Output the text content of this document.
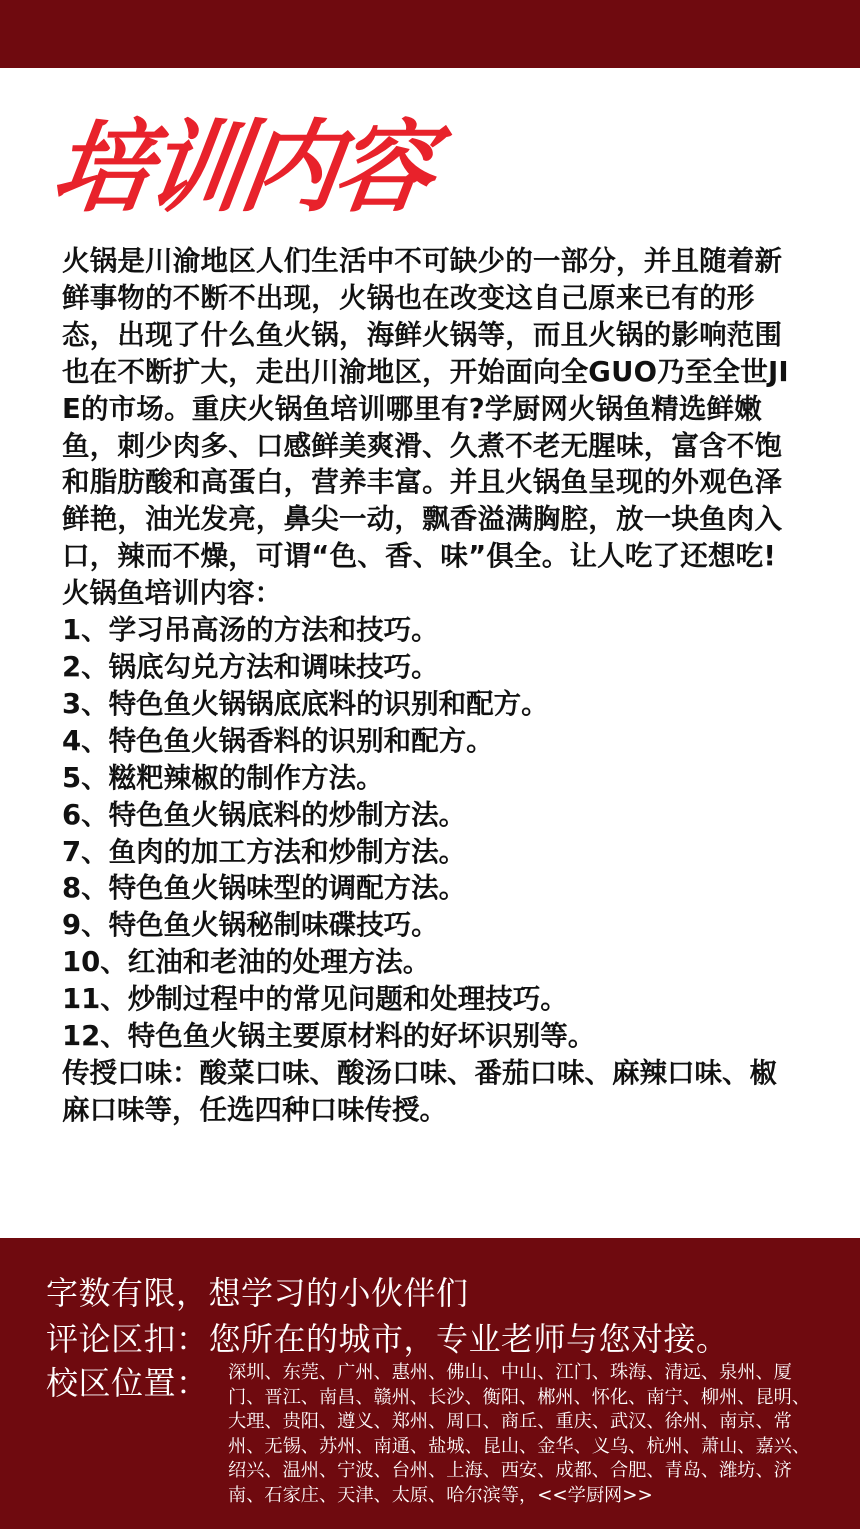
培训内容

火锅是川渝地区人们生活中不可缺少的一部分，并且随着新鲜事物的不断不出现，火锅也在改变这自己原来已有的形态，出现了什么鱼火锅，海鲜火锅等，而且火锅的影响范围也在不断扩大，走出川渝地区，开始面向全GUO乃至全世JIE的市场。重庆火锅鱼培训哪里有?学厨网火锅鱼精选鲜嫩鱼，刺少肉多、口感鲜美爽滑、久煮不老无腥味，富含不饱和脂肪酸和高蛋白，营养丰富。并且火锅鱼呈现的外观色泽鲜艳，油光发亮，鼻尖一动，飘香溢满胸腔，放一块鱼肉入口，辣而不燥，可谓“色、香、味”俱全。让人吃了还想吃!

火锅鱼培训内容：

1、学习吊高汤的方法和技巧。

2、锅底勾兑方法和调味技巧。

3、特色鱼火锅锅底底料的识别和配方。

4、特色鱼火锅香料的识别和配方。

5、糍粑辣椒的制作方法。

6、特色鱼火锅底料的炒制方法。

7、鱼肉的加工方法和炒制方法。

8、特色鱼火锅味型的调配方法。

9、特色鱼火锅秘制味碟技巧。

10、红油和老油的处理方法。

11、炒制过程中的常见问题和处理技巧。

12、特色鱼火锅主要原材料的好坏识别等。

传授口味：酸菜口味、酸汤口味、番茄口味、麻辣口味、椒麻口味等，任选四种口味传授。

字数有限，想学习的小伙伴们
评论区扣：您所在的城市，专业老师与您对接。
校区位置： 深圳、东莞、广州、惠州、佛山、中山、江门、珠海、清远、泉州、厦门、晋江、南昌、赣州、长沙、衡阳、郴州、怀化、南宁、柳州、昆明、大理、贵阳、遵义、郑州、周口、商丘、重庆、武汉、徐州、南京、常州、无锡、苏州、南通、盐城、昆山、金华、义乌、杭州、萧山、嘉兴、绍兴、温州、宁波、台州、上海、西安、成都、合肥、青岛、潍坊、济南、石家庄、天津、太原、哈尔滨等，<<学厨网>>
